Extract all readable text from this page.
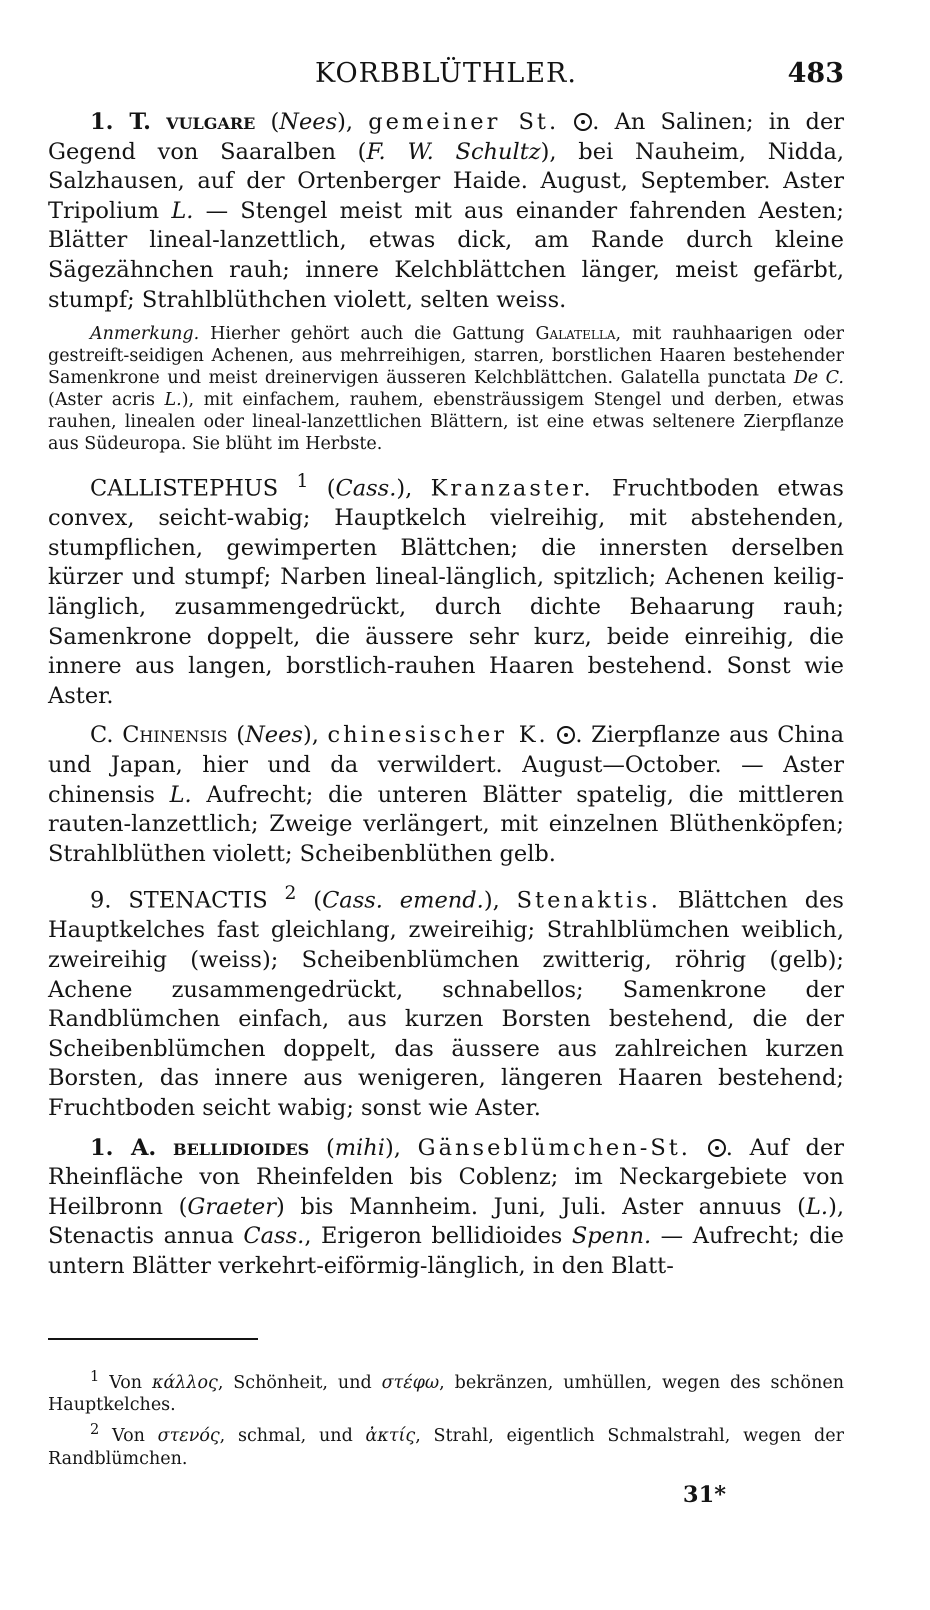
KORBBLÜTHLER.	483

1. T. vulgare (Nees), gemeiner St. . An Salinen; in der Gegend von Saaralben (F. W. Schultz), bei Nauheim, Nidda, Salzhausen, auf der Ortenberger Haide. August, September. Aster Tripolium L. — Stengel meist mit aus einander fahrenden Aesten; Blätter lineal-lanzettlich, etwas dick, am Rande durch kleine Sägezähnchen rauh; innere Kelchblättchen länger, meist gefärbt, stumpf; Strahlblüthchen violett, selten weiss.

Anmerkung. Hierher gehört auch die Gattung Galatella, mit rauhhaarigen oder gestreift-seidigen Achenen, aus mehrreihigen, starren, borstlichen Haaren bestehender Samenkrone und meist dreinervigen äusseren Kelchblättchen. Galatella punctata De C. (Aster acris L.), mit einfachem, rauhem, ebensträussigem Stengel und derben, etwas rauhen, linealen oder lineal-lanzettlichen Blättern, ist eine etwas seltenere Zierpflanze aus Südeuropa. Sie blüht im Herbste.

CALLISTEPHUS $^1$ (Cass.), Kranzaster. Fruchtboden etwas convex, seicht-wabig; Hauptkelch vielreihig, mit abstehenden, stumpflichen, gewimperten Blättchen; die innersten derselben kürzer und stumpf; Narben lineal-länglich, spitzlich; Achenen keilig-länglich, zusammengedrückt, durch dichte Behaarung rauh; Samenkrone doppelt, die äussere sehr kurz, beide einreihig, die innere aus langen, borstlich-rauhen Haaren bestehend. Sonst wie Aster.

C. Chinensis (Nees), chinesischer K. . Zierpflanze aus China und Japan, hier und da verwildert. August—October. — Aster chinensis L. Aufrecht; die unteren Blätter spatelig, die mittleren rauten-lanzettlich; Zweige verlängert, mit einzelnen Blüthenköpfen; Strahlblüthen violett; Scheibenblüthen gelb.

9. STENACTIS $^2$ (Cass. emend.), Stenaktis. Blättchen des Hauptkelches fast gleichlang, zweireihig; Strahlblümchen weiblich, zweireihig (weiss); Scheibenblümchen zwitterig, röhrig (gelb); Achene zusammengedrückt, schnabellos; Samenkrone der Randblümchen einfach, aus kurzen Borsten bestehend, die der Scheibenblümchen doppelt, das äussere aus zahlreichen kurzen Borsten, das innere aus wenigeren, längeren Haaren bestehend; Fruchtboden seicht wabig; sonst wie Aster.

1. A. bellidioides (mihi), Gänseblümchen-St. . Auf der Rheinfläche von Rheinfelden bis Coblenz; im Neckargebiete von Heilbronn (Graeter) bis Mannheim. Juni, Juli. Aster annuus (L.), Stenactis annua Cass., Erigeron bellidioides Spenn. — Aufrecht; die untern Blätter verkehrt-eiförmig-länglich, in den Blatt-

$^1$ Von κάλλος, Schönheit, und στέφω, bekränzen, umhüllen, wegen des schönen Hauptkelches.

$^2$ Von στενός, schmal, und ἀκτίς, Strahl, eigentlich Schmalstrahl, wegen der Randblümchen.

31*
